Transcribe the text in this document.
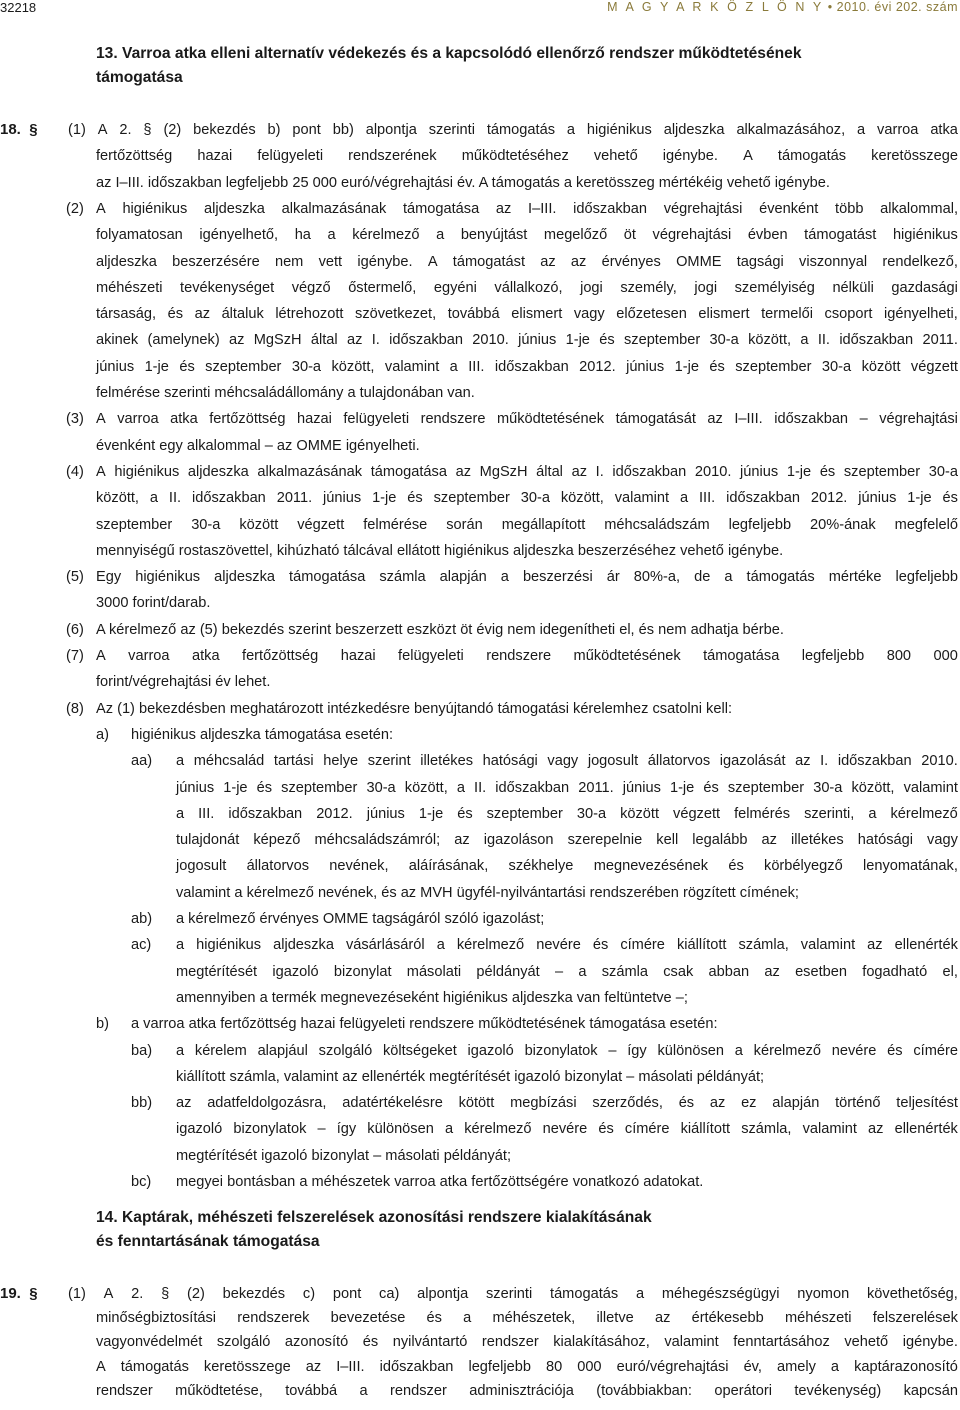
32218	M A G Y A R K Ö Z L Ö N Y • 2010. évi 202. szám
13. Varroa atka elleni alternatív védekezés és a kapcsolódó ellenőrző rendszer működtetésének
támogatása
18. § (1) A 2. § (2) bekezdés b) pont bb) alpontja szerinti támogatás a higiénikus aljdeszka alkalmazásához, a varroa atka
fertőzöttség hazai felügyeleti rendszerének működtetéséhez vehető igénybe. A támogatás keretösszege
az I–III. időszakban legfeljebb 25 000 euró/végrehajtási év. A támogatás a keretösszeg mértékéig vehető igénybe.
(2) A higiénikus aljdeszka alkalmazásának támogatása az I–III. időszakban végrehajtási évenként több alkalommal,
folyamatosan igényelhető, ha a kérelmező a benyújtást megelőző öt végrehajtási évben támogatást higiénikus
aljdeszka beszerzésére nem vett igénybe. A támogatást az az érvényes OMME tagsági viszonnyal rendelkező,
méhészeti tevékenységet végző őstermelő, egyéni vállalkozó, jogi személy, jogi személyiség nélküli gazdasági
társaság, és az általuk létrehozott szövetkezet, továbbá elismert vagy előzetesen elismert termelői csoport igényelheti,
akinek (amelynek) az MgSzH által az I. időszakban 2010. június 1-je és szeptember 30-a között, a II. időszakban 2011.
június 1-je és szeptember 30-a között, valamint a III. időszakban 2012. június 1-je és szeptember 30-a között végzett
felmérése szerinti méhcsaládállomány a tulajdonában van.
(3) A varroa atka fertőzöttség hazai felügyeleti rendszere működtetésének támogatását az I–III. időszakban – végrehajtási
évenként egy alkalommal – az OMME igényelheti.
(4) A higiénikus aljdeszka alkalmazásának támogatása az MgSzH által az I. időszakban 2010. június 1-je és szeptember 30-a
között, a II. időszakban 2011. június 1-je és szeptember 30-a között, valamint a III. időszakban 2012. június 1-je és
szeptember 30-a között végzett felmérése során megállapított méhcsaládszám legfeljebb 20%-ának megfelelő
mennyiségű rostaszövettel, kihúzható tálcával ellátott higiénikus aljdeszka beszerzéséhez vehető igénybe.
(5) Egy higiénikus aljdeszka támogatása számla alapján a beszerzési ár 80%-a, de a támogatás mértéke legfeljebb
3000 forint/darab.
(6) A kérelmező az (5) bekezdés szerint beszerzett eszközt öt évig nem idegenítheti el, és nem adhatja bérbe.
(7) A varroa atka fertőzöttség hazai felügyeleti rendszere működtetésének támogatása legfeljebb 800 000
forint/végrehajtási év lehet.
(8) Az (1) bekezdésben meghatározott intézkedésre benyújtandó támogatási kérelemhez csatolni kell:
a) higiénikus aljdeszka támogatása esetén:
aa) a méhcsalád tartási helye szerint illetékes hatósági vagy jogosult állatorvos igazolását az I. időszakban 2010.
június 1-je és szeptember 30-a között, a II. időszakban 2011. június 1-je és szeptember 30-a között, valamint
a III. időszakban 2012. június 1-je és szeptember 30-a között végzett felmérés szerinti, a kérelmező
tulajdonát képező méhcsaládszámról; az igazoláson szerepelnie kell legalább az illetékes hatósági vagy
jogosult állatorvos nevének, aláírásának, székhelye megnevezésének és körbélyegző lenyomatának,
valamint a kérelmező nevének, és az MVH ügyfél-nyilvántartási rendszerében rögzített címének;
ab) a kérelmező érvényes OMME tagságáról szóló igazolást;
ac) a higiénikus aljdeszka vásárlásáról a kérelmező nevére és címére kiállított számla, valamint az ellenérték
megtérítését igazoló bizonylat másolati példányát – a számla csak abban az esetben fogadható el,
amennyiben a termék megnevezéseként higiénikus aljdeszka van feltüntetve –;
b) a varroa atka fertőzöttség hazai felügyeleti rendszere működtetésének támogatása esetén:
ba) a kérelem alapjául szolgáló költségeket igazoló bizonylatok – így különösen a kérelmező nevére és címére
kiállított számla, valamint az ellenérték megtérítését igazoló bizonylat – másolati példányát;
bb) az adatfeldolgozásra, adatértékelésre kötött megbízási szerződés, és az ez alapján történő teljesítést
igazoló bizonylatok – így különösen a kérelmező nevére és címére kiállított számla, valamint az ellenérték
megtérítését igazoló bizonylat – másolati példányát;
bc) megyei bontásban a méhészetek varroa atka fertőzöttségére vonatkozó adatokat.
14. Kaptárak, méhészeti felszerelések azonosítási rendszere kialakításának
és fenntartásának támogatása
19. § (1) A 2. § (2) bekezdés c) pont ca) alpontja szerinti támogatás a méhegészségügyi nyomon követhetőség,
minőségbiztosítási rendszerek bevezetése és a méhészetek, illetve az értékesebb méhészeti felszerelések
vagyonvédelmét szolgáló azonosító és nyilvántartó rendszer kialakításához, valamint fenntartásához vehető igénybe.
A támogatás keretösszege az I–III. időszakban legfeljebb 80 000 euró/végrehajtási év, amely a kaptárazonosító
rendszer működtetése, továbbá a rendszer adminisztrációja (továbbiakban: operátori tevékenység) kapcsán
